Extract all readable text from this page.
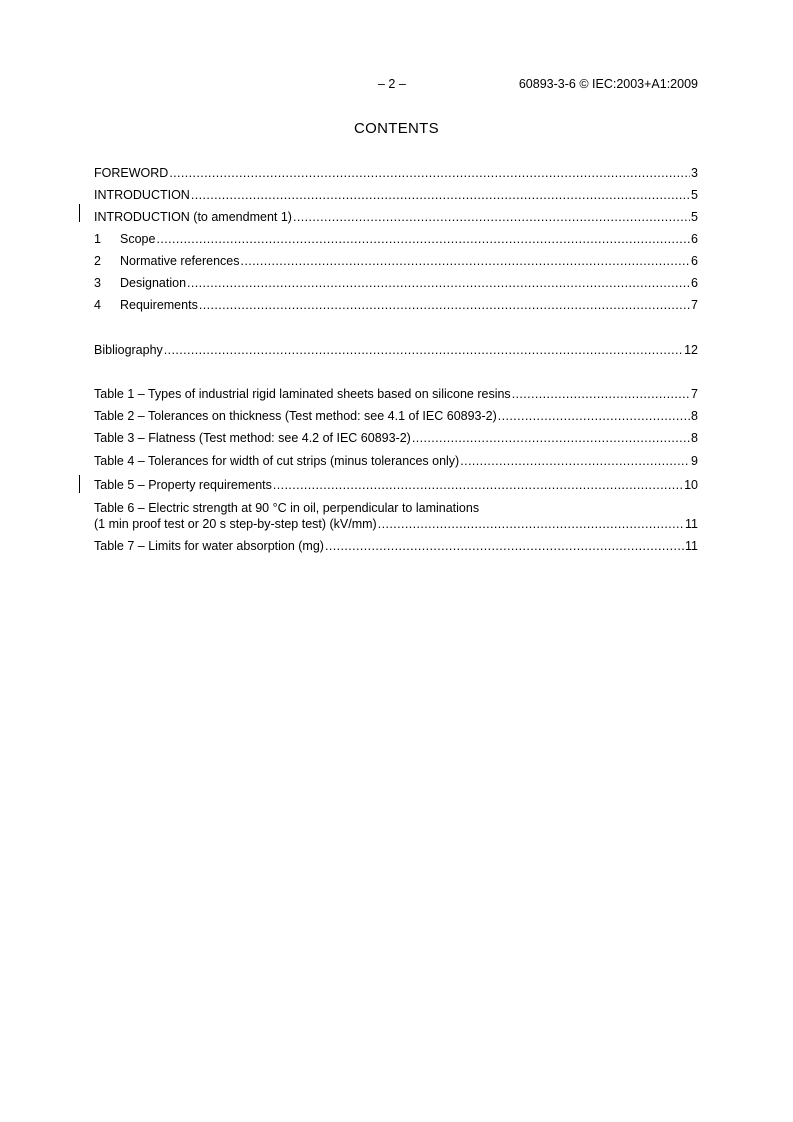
– 2 –	60893-3-6 © IEC:2003+A1:2009
CONTENTS
FOREWORD .....	3
INTRODUCTION .....	5
INTRODUCTION (to amendment 1) .....	5
1	Scope .....	6
2	Normative references .....	6
3	Designation .....	6
4	Requirements .....	7
Bibliography .....	12
Table 1 – Types of industrial rigid laminated sheets based on silicone resins .....	7
Table 2 – Tolerances on thickness (Test method: see 4.1 of IEC 60893-2) .....	8
Table 3 – Flatness (Test method: see 4.2 of IEC 60893-2) .....	8
Table 4 – Tolerances for width of cut strips (minus tolerances only) .....	9
Table 5 – Property requirements .....	10
Table 6 – Electric strength at 90 °C in oil, perpendicular to laminations
(1 min proof test or 20 s step-by-step test) (kV/mm) .....	11
Table 7 – Limits for water absorption (mg) .....	11
